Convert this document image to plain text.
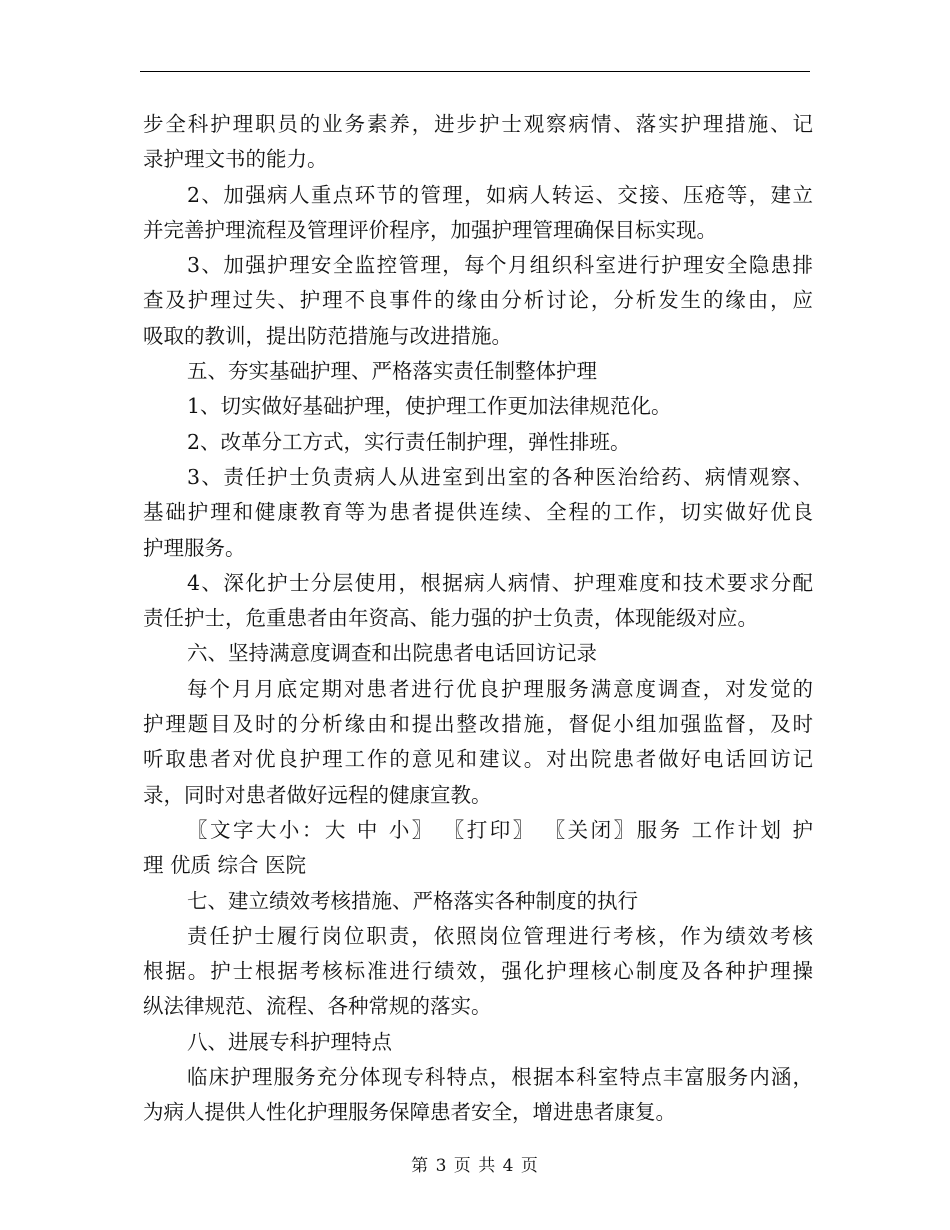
步全科护理职员的业务素养，进步护士观察病情、落实护理措施、记
录护理文书的能力。
2、加强病人重点环节的管理，如病人转运、交接、压疮等，建立
并完善护理流程及管理评价程序，加强护理管理确保目标实现。
3、加强护理安全监控管理，每个月组织科室进行护理安全隐患排
查及护理过失、护理不良事件的缘由分析讨论，分析发生的缘由，应
吸取的教训，提出防范措施与改进措施。
五、夯实基础护理、严格落实责任制整体护理
1、切实做好基础护理，使护理工作更加法律规范化。
2、改革分工方式，实行责任制护理，弹性排班。
3、责任护士负责病人从进室到出室的各种医治给药、病情观察、
基础护理和健康教育等为患者提供连续、全程的工作，切实做好优良
护理服务。
4、深化护士分层使用，根据病人病情、护理难度和技术要求分配
责任护士，危重患者由年资高、能力强的护士负责，体现能级对应。
六、坚持满意度调查和出院患者电话回访记录
每个月月底定期对患者进行优良护理服务满意度调查，对发觉的
护理题目及时的分析缘由和提出整改措施，督促小组加强监督，及时
听取患者对优良护理工作的意见和建议。对出院患者做好电话回访记
录，同时对患者做好远程的健康宣教。
〖文字大小：大 中 小〗 〖打印〗 〖关闭〗服务 工作计划 护
理 优质 综合 医院
七、建立绩效考核措施、严格落实各种制度的执行
责任护士履行岗位职责，依照岗位管理进行考核，作为绩效考核
根据。护士根据考核标准进行绩效，强化护理核心制度及各种护理操
纵法律规范、流程、各种常规的落实。
八、进展专科护理特点
临床护理服务充分体现专科特点，根据本科室特点丰富服务内涵，
为病人提供人性化护理服务保障患者安全，增进患者康复。
第 3 页 共 4 页
